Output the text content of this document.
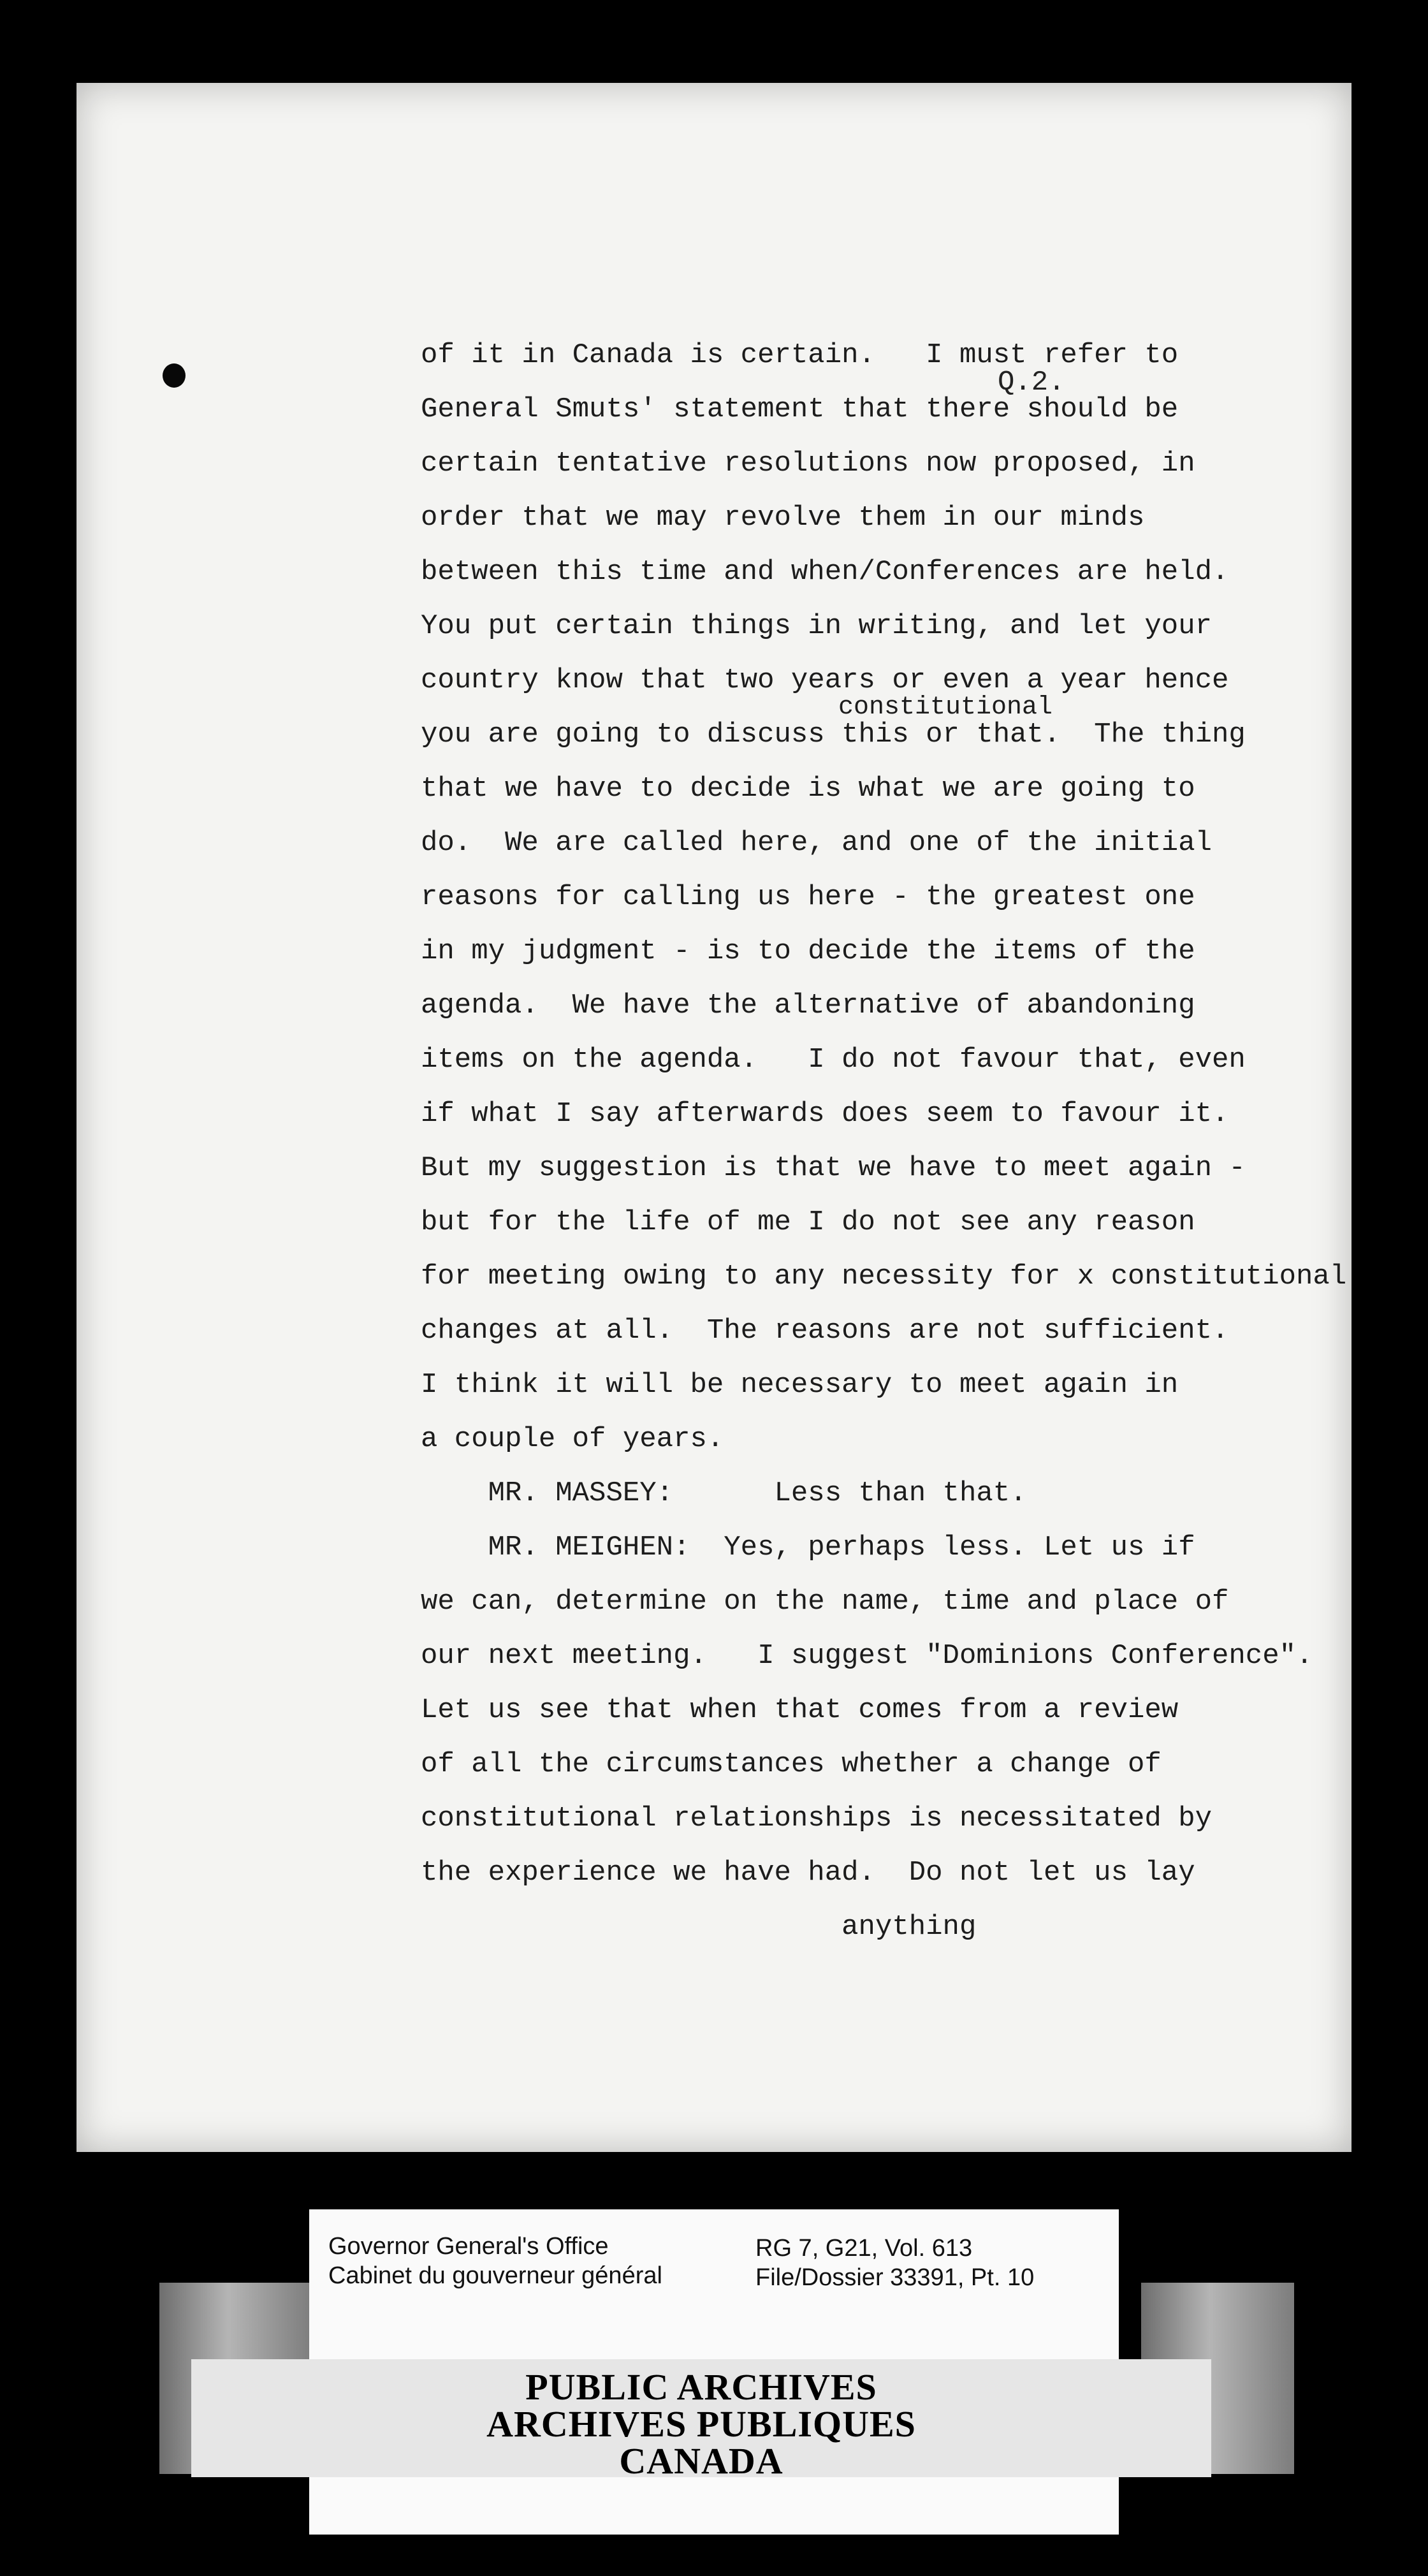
Q.2.
constitutional
of it in Canada is certain.   I must refer to
General Smuts' statement that there should be
certain tentative resolutions now proposed, in
order that we may revolve them in our minds
between this time and when/Conferences are held.
You put certain things in writing, and let your
country know that two years or even a year hence
you are going to discuss this or that.  The thing
that we have to decide is what we are going to
do.  We are called here, and one of the initial
reasons for calling us here - the greatest one
in my judgment - is to decide the items of the
agenda.  We have the alternative of abandoning
items on the agenda.   I do not favour that, even
if what I say afterwards does seem to favour it.
But my suggestion is that we have to meet again -
but for the life of me I do not see any reason
for meeting owing to any necessity for x constitutional
changes at all.  The reasons are not sufficient.
I think it will be necessary to meet again in
a couple of years.
MR. MASSEY:      Less than that.
MR. MEIGHEN:  Yes, perhaps less. Let us if
we can, determine on the name, time and place of
our next meeting.   I suggest "Dominions Conference".
Let us see that when that comes from a review
of all the circumstances whether a change of
constitutional relationships is necessitated by
the experience we have had.  Do not let us lay
anything
Governor General's Office
Cabinet du gouverneur général
RG 7, G21, Vol. 613
File/Dossier 33391, Pt. 10
PUBLIC ARCHIVES
ARCHIVES PUBLIQUES
CANADA
